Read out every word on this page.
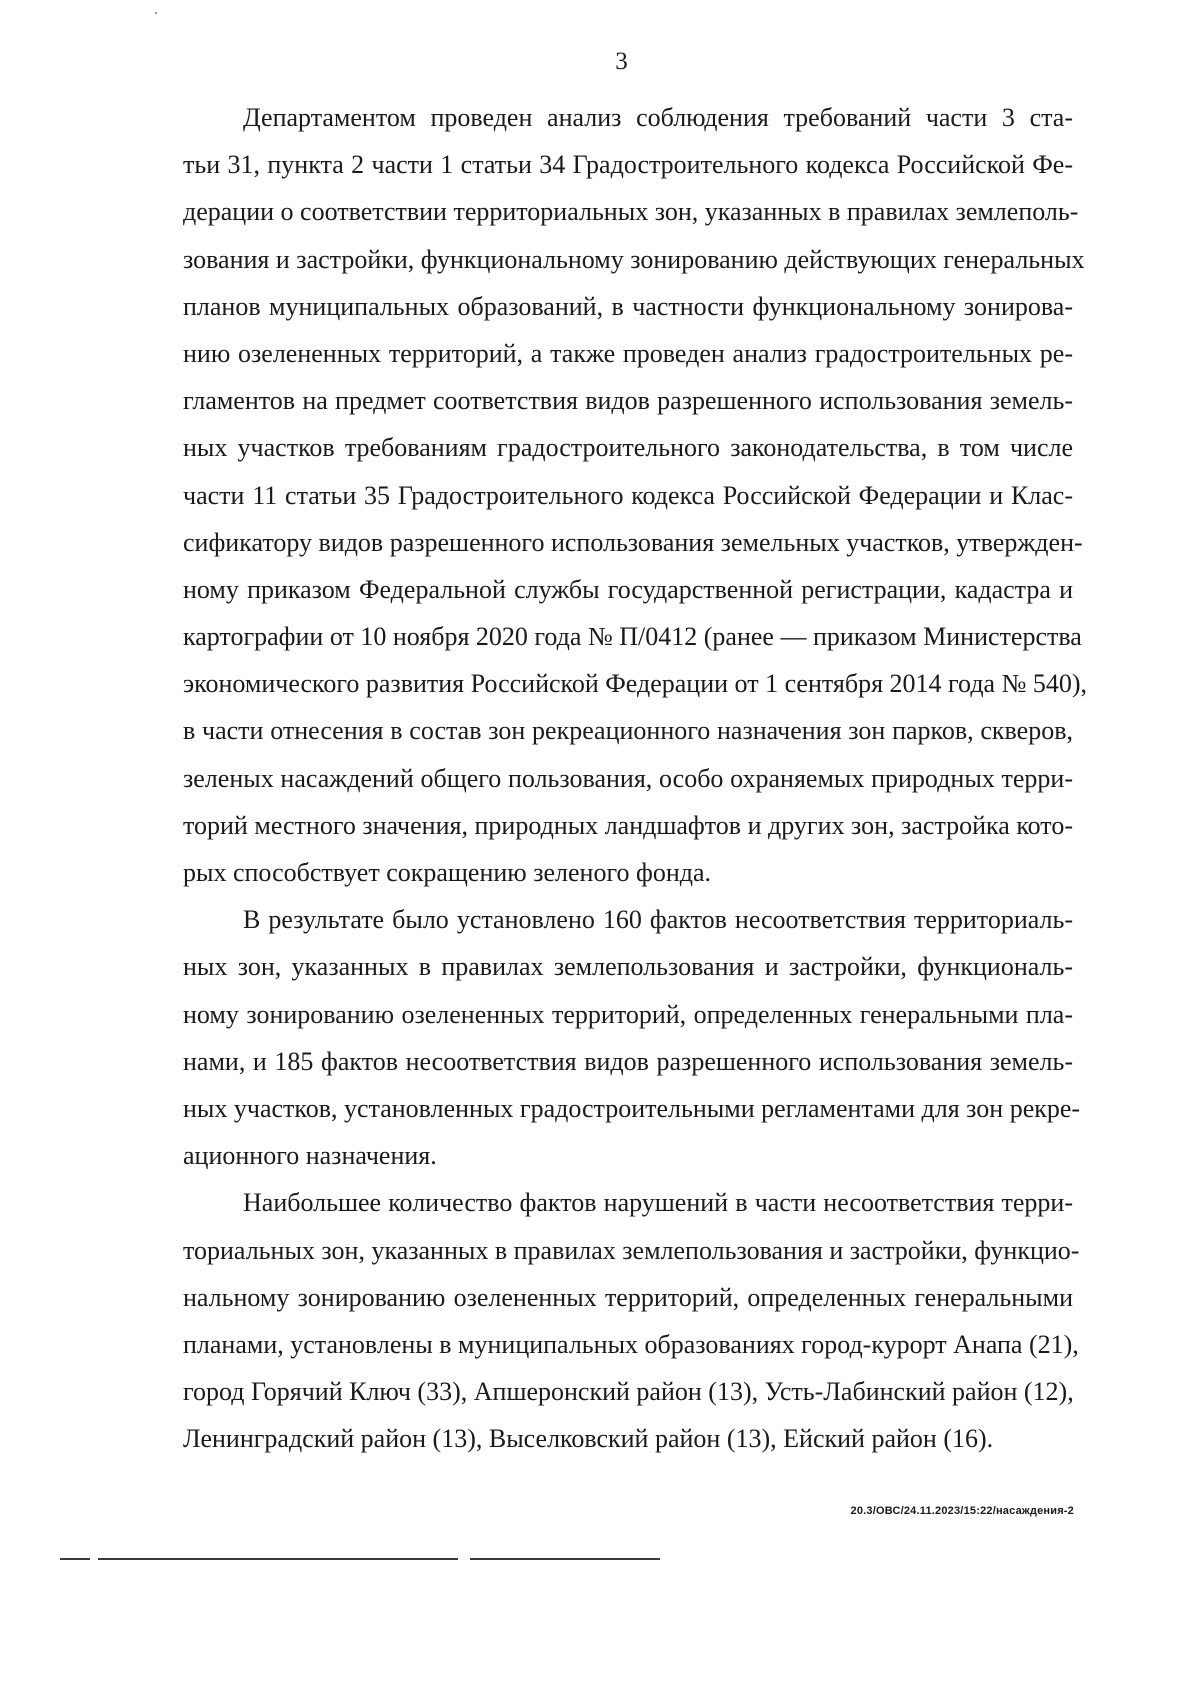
3
Департаментом проведен анализ соблюдения требований части 3 ста-
тьи 31, пункта 2 части 1 статьи 34 Градостроительного кодекса Российской Фе-
дерации о соответствии территориальных зон, указанных в правилах землеполь-
зования и застройки, функциональному зонированию действующих генеральных
планов муниципальных образований, в частности функциональному зонирова-
нию озелененных территорий, а также проведен анализ градостроительных ре-
гламентов на предмет соответствия видов разрешенного использования земель-
ных участков требованиям градостроительного законодательства, в том числе
части 11 статьи 35 Градостроительного кодекса Российской Федерации и Клас-
сификатору видов разрешенного использования земельных участков, утвержден-
ному приказом Федеральной службы государственной регистрации, кадастра и
картографии от 10 ноября 2020 года № П/0412 (ранее — приказом Министерства
экономического развития Российской Федерации от 1 сентября 2014 года № 540),
в части отнесения в состав зон рекреационного назначения зон парков, скверов,
зеленых насаждений общего пользования, особо охраняемых природных терри-
торий местного значения, природных ландшафтов и других зон, застройка кото-
рых способствует сокращению зеленого фонда.
В результате было установлено 160 фактов несоответствия территориаль-
ных зон, указанных в правилах землепользования и застройки, функциональ-
ному зонированию озелененных территорий, определенных генеральными пла-
нами, и 185 фактов несоответствия видов разрешенного использования земель-
ных участков, установленных градостроительными регламентами для зон рекре-
ационного назначения.
Наибольшее количество фактов нарушений в части несоответствия терри-
ториальных зон, указанных в правилах землепользования и застройки, функцио-
нальному зонированию озелененных территорий, определенных генеральными
планами, установлены в муниципальных образованиях город-курорт Анапа (21),
город Горячий Ключ (33), Апшеронский район (13), Усть-Лабинский район (12),
Ленинградский район (13), Выселковский район (13), Ейский район (16).
20.3/ОВС/24.11.2023/15:22/насаждения-2
